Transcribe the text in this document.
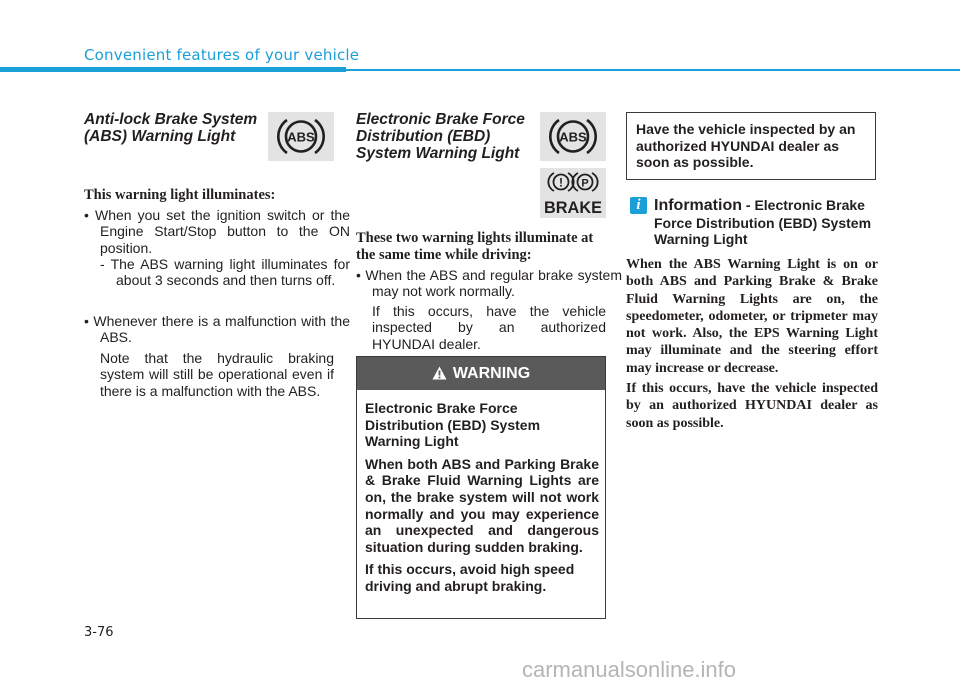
Convenient features of your vehicle
Anti-lock Brake System
(ABS) Warning Light	ABS
This warning light illuminates:
• When you set the ignition switch or the Engine Start/Stop button to the ON position.
- The ABS warning light illuminates for about 3 seconds and then turns off.
• Whenever there is a malfunction with the ABS.
Note that the hydraulic braking system will still be operational even if there is a malfunction with the ABS.
Electronic Brake Force
Distribution (EBD)
System Warning Light
ABS
! P
BRAKE
These two warning lights illuminate at the same time while driving:
• When the ABS and regular brake system may not work normally.
If this occurs, have the vehicle inspected by an authorized HYUNDAI dealer.
WARNING

Electronic Brake Force Distribution (EBD) System Warning Light

When both ABS and Parking Brake & Brake Fluid Warning Lights are on, the brake system will not work normally and you may experience an unexpected and dangerous situation during sudden braking.

If this occurs, avoid high speed driving and abrupt braking.

Have the vehicle inspected by an authorized HYUNDAI dealer as soon as possible.
i Information - Electronic Brake Force Distribution (EBD) System Warning Light

When the ABS Warning Light is on or both ABS and Parking Brake & Brake Fluid Warning Lights are on, the speedometer, odometer, or tripmeter may not work. Also, the EPS Warning Light may illuminate and the steering effort may increase or decrease.

If this occurs, have the vehicle inspected by an authorized HYUNDAI dealer as soon as possible.

3-76
carmanualsonline.info
